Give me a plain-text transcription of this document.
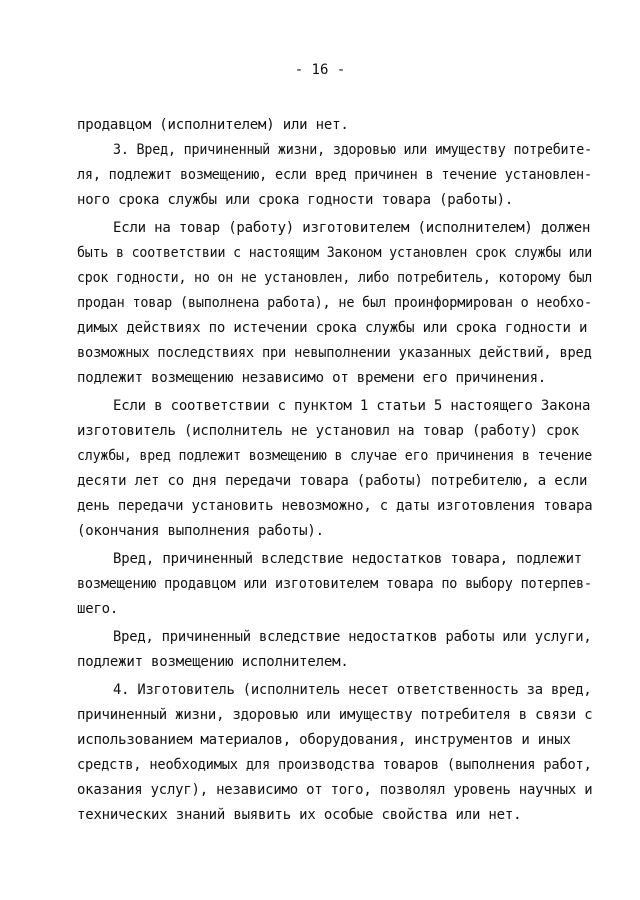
- 16 -
продавцом (исполнителем) или нет.
3. Вред, причиненный жизни, здоровью или имуществу потребите-
ля, подлежит возмещению, если вред причинен в течение установлен-
ного срока службы или срока годности товара (работы).
Если на товар (работу) изготовителем (исполнителем) должен
быть в соответствии с настоящим Законом установлен срок службы или
срок годности, но он не установлен, либо потребитель, которому был
продан товар (выполнена работа), не был проинформирован о необхо-
димых действиях по истечении срока службы или срока годности и
возможных последствиях при невыполнении указанных действий, вред
подлежит возмещению независимо от времени его причинения.
Если в соответствии с пунктом 1 статьи 5 настоящего Закона
изготовитель (исполнитель не установил на товар (работу) срок
службы, вред подлежит возмещению в случае его причинения в течение
десяти лет со дня передачи товара (работы) потребителю, а если
день передачи установить невозможно, с даты изготовления товара
(окончания выполнения работы).
Вред, причиненный вследствие недостатков товара, подлежит
возмещению продавцом или изготовителем товара по выбору потерпев-
шего.
Вред, причиненный вследствие недостатков работы или услуги,
подлежит возмещению исполнителем.
4. Изготовитель (исполнитель несет ответственность за вред,
причиненный жизни, здоровью или имуществу потребителя в связи с
использованием материалов, оборудования, инструментов и иных
средств, необходимых для производства товаров (выполнения работ,
оказания услуг), независимо от того, позволял уровень научных и
технических знаний выявить их особые свойства или нет.
